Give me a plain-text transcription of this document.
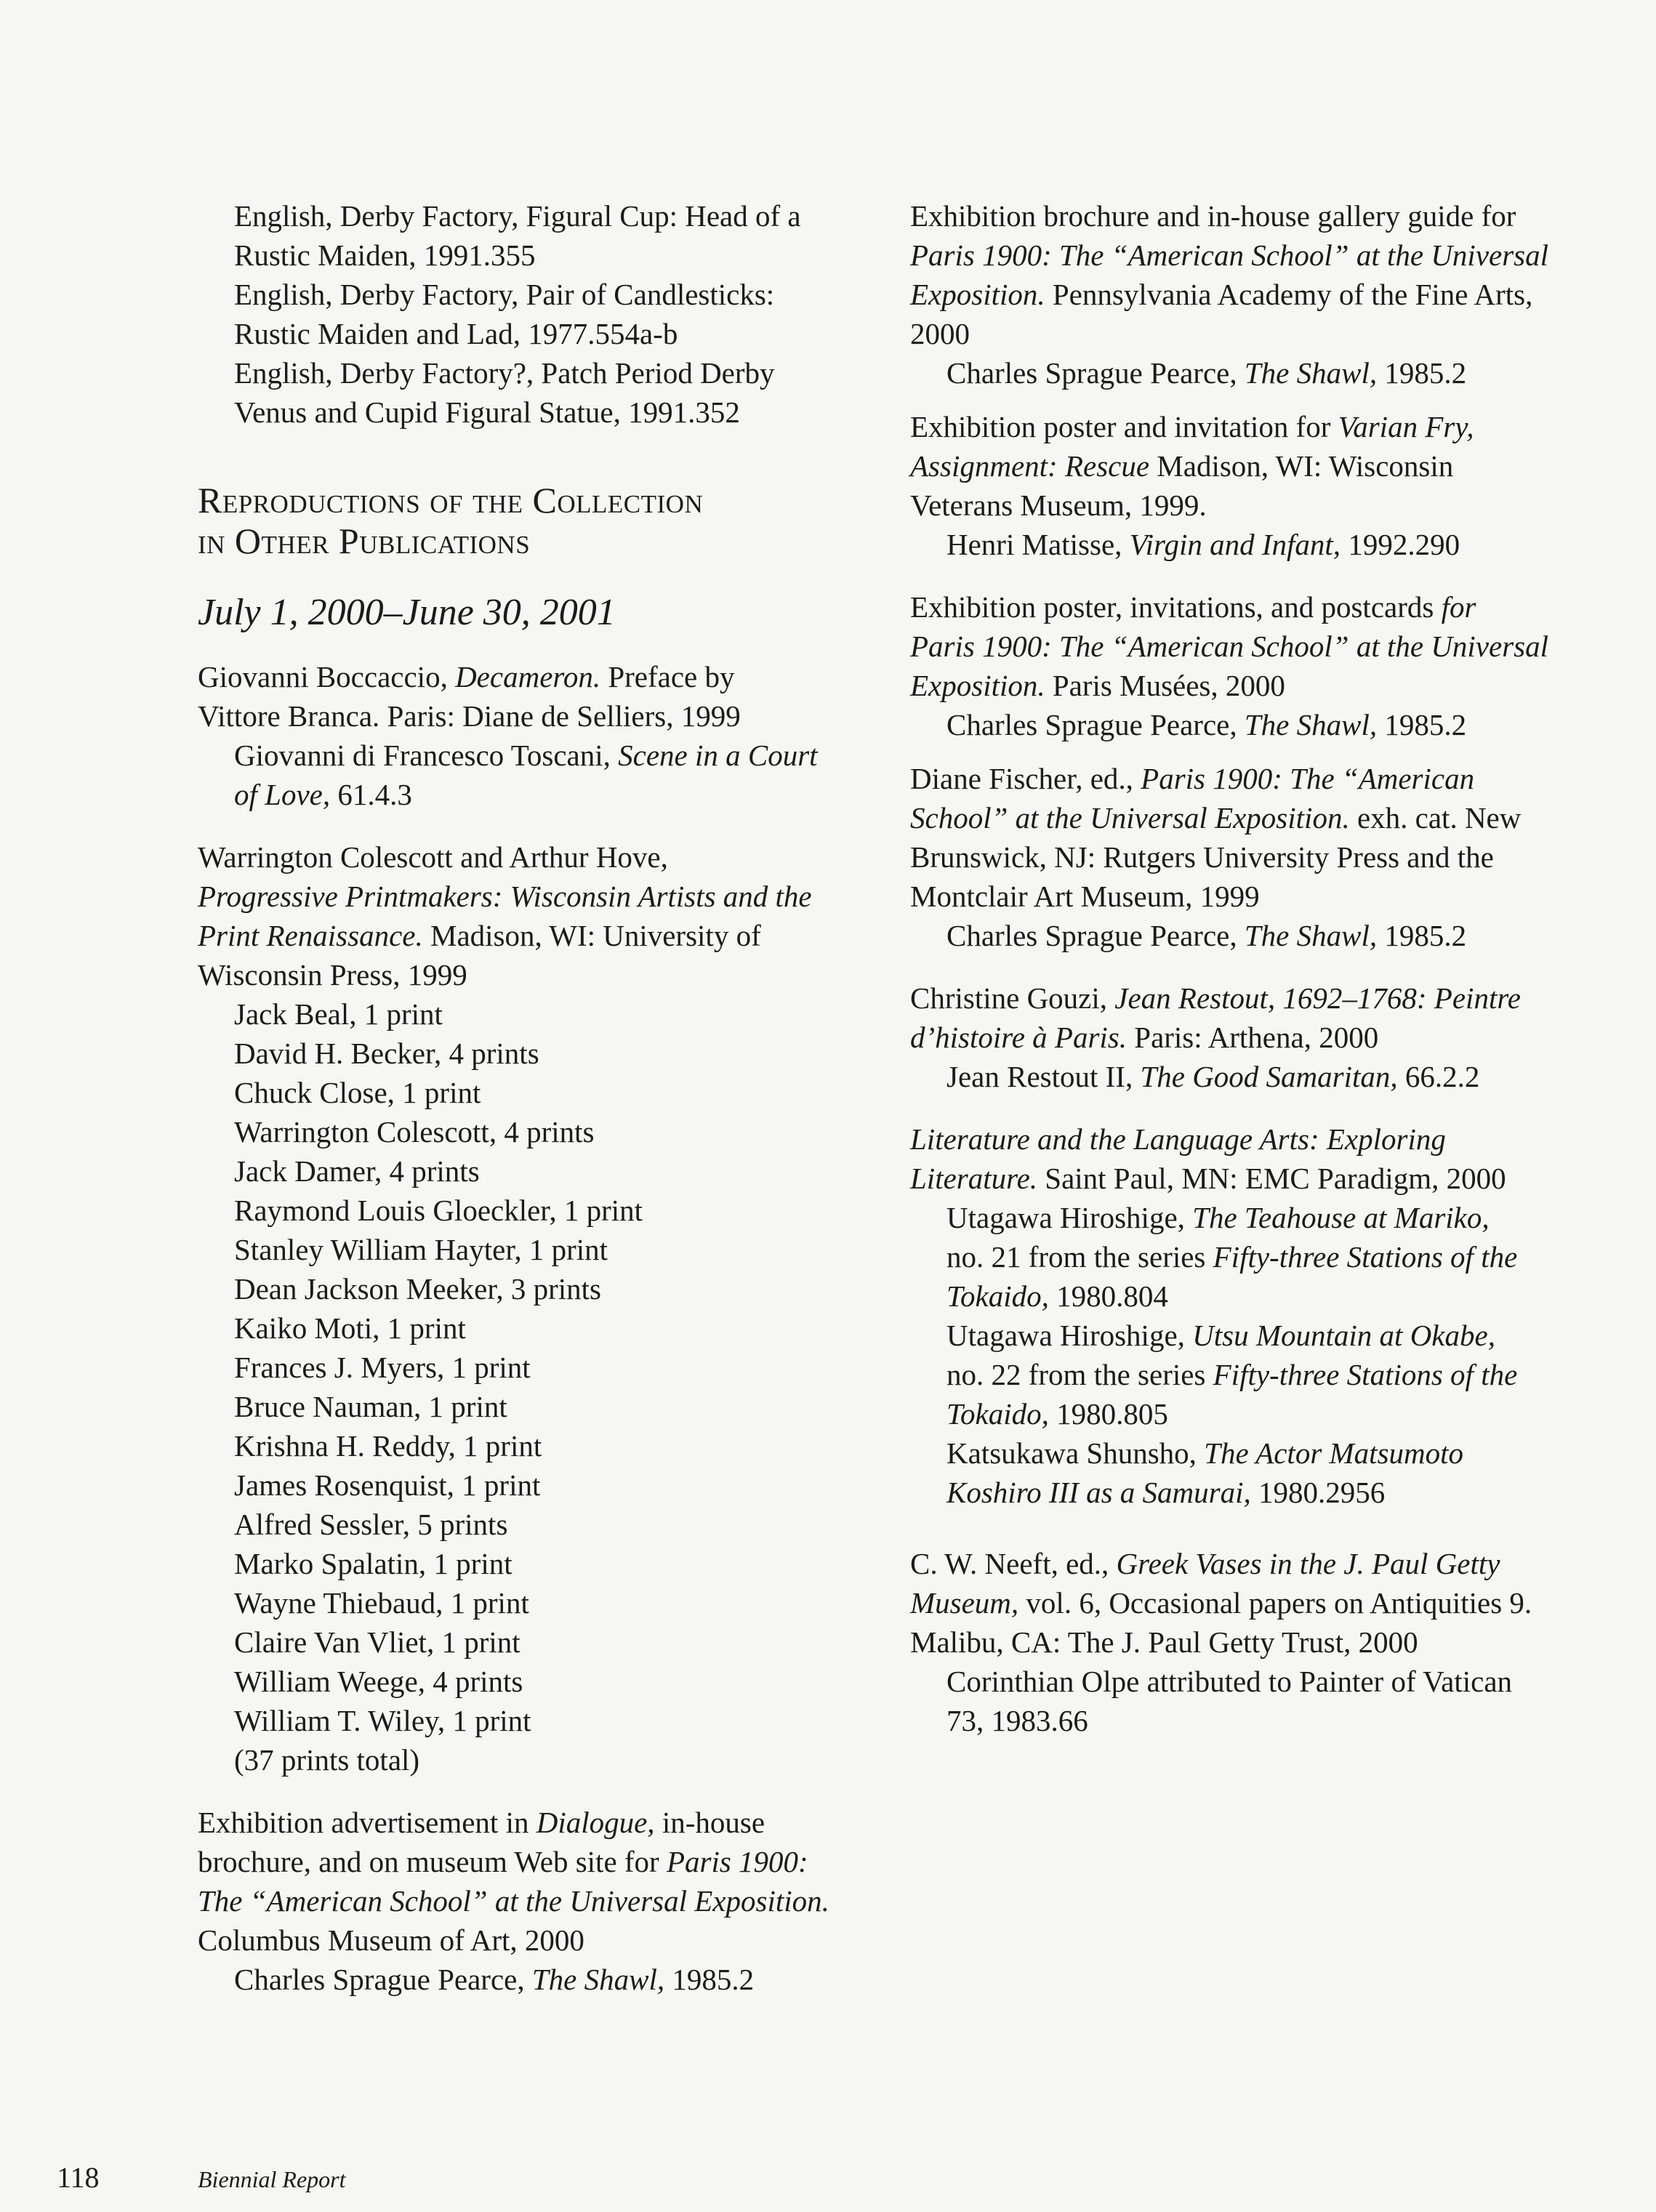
English, Derby Factory, Figural Cup: Head of a
Rustic Maiden, 1991.355
English, Derby Factory, Pair of Candlesticks:
Rustic Maiden and Lad, 1977.554a-b
English, Derby Factory?, Patch Period Derby
Venus and Cupid Figural Statue, 1991.352
Reproductions of the Collection
in Other Publications
July 1, 2000–June 30, 2001
Giovanni Boccaccio, Decameron. Preface by
Vittore Branca. Paris: Diane de Selliers, 1999
Giovanni di Francesco Toscani, Scene in a Court
of Love, 61.4.3
Warrington Colescott and Arthur Hove,
Progressive Printmakers: Wisconsin Artists and the
Print Renaissance. Madison, WI: University of
Wisconsin Press, 1999
Jack Beal, 1 print
David H. Becker, 4 prints
Chuck Close, 1 print
Warrington Colescott, 4 prints
Jack Damer, 4 prints
Raymond Louis Gloeckler, 1 print
Stanley William Hayter, 1 print
Dean Jackson Meeker, 3 prints
Kaiko Moti, 1 print
Frances J. Myers, 1 print
Bruce Nauman, 1 print
Krishna H. Reddy, 1 print
James Rosenquist, 1 print
Alfred Sessler, 5 prints
Marko Spalatin, 1 print
Wayne Thiebaud, 1 print
Claire Van Vliet, 1 print
William Weege, 4 prints
William T. Wiley, 1 print
(37 prints total)
Exhibition advertisement in Dialogue, in-house
brochure, and on museum Web site for Paris 1900:
The “American School” at the Universal Exposition.
Columbus Museum of Art, 2000
Charles Sprague Pearce, The Shawl, 1985.2
Exhibition brochure and in-house gallery guide for
Paris 1900: The “American School” at the Universal
Exposition. Pennsylvania Academy of the Fine Arts,
2000
Charles Sprague Pearce, The Shawl, 1985.2
Exhibition poster and invitation for Varian Fry,
Assignment: Rescue Madison, WI: Wisconsin
Veterans Museum, 1999.
Henri Matisse, Virgin and Infant, 1992.290
Exhibition poster, invitations, and postcards for
Paris 1900: The “American School” at the Universal
Exposition. Paris Musées, 2000
Charles Sprague Pearce, The Shawl, 1985.2
Diane Fischer, ed., Paris 1900: The “American
School” at the Universal Exposition. exh. cat. New
Brunswick, NJ: Rutgers University Press and the
Montclair Art Museum, 1999
Charles Sprague Pearce, The Shawl, 1985.2
Christine Gouzi, Jean Restout, 1692–1768: Peintre
d’histoire à Paris. Paris: Arthena, 2000
Jean Restout II, The Good Samaritan, 66.2.2
Literature and the Language Arts: Exploring
Literature. Saint Paul, MN: EMC Paradigm, 2000
Utagawa Hiroshige, The Teahouse at Mariko,
no. 21 from the series Fifty-three Stations of the
Tokaido, 1980.804
Utagawa Hiroshige, Utsu Mountain at Okabe,
no. 22 from the series Fifty-three Stations of the
Tokaido, 1980.805
Katsukawa Shunsho, The Actor Matsumoto
Koshiro III as a Samurai, 1980.2956
C. W. Neeft, ed., Greek Vases in the J. Paul Getty
Museum, vol. 6, Occasional papers on Antiquities 9.
Malibu, CA: The J. Paul Getty Trust, 2000
Corinthian Olpe attributed to Painter of Vatican
73, 1983.66
118	Biennial Report
